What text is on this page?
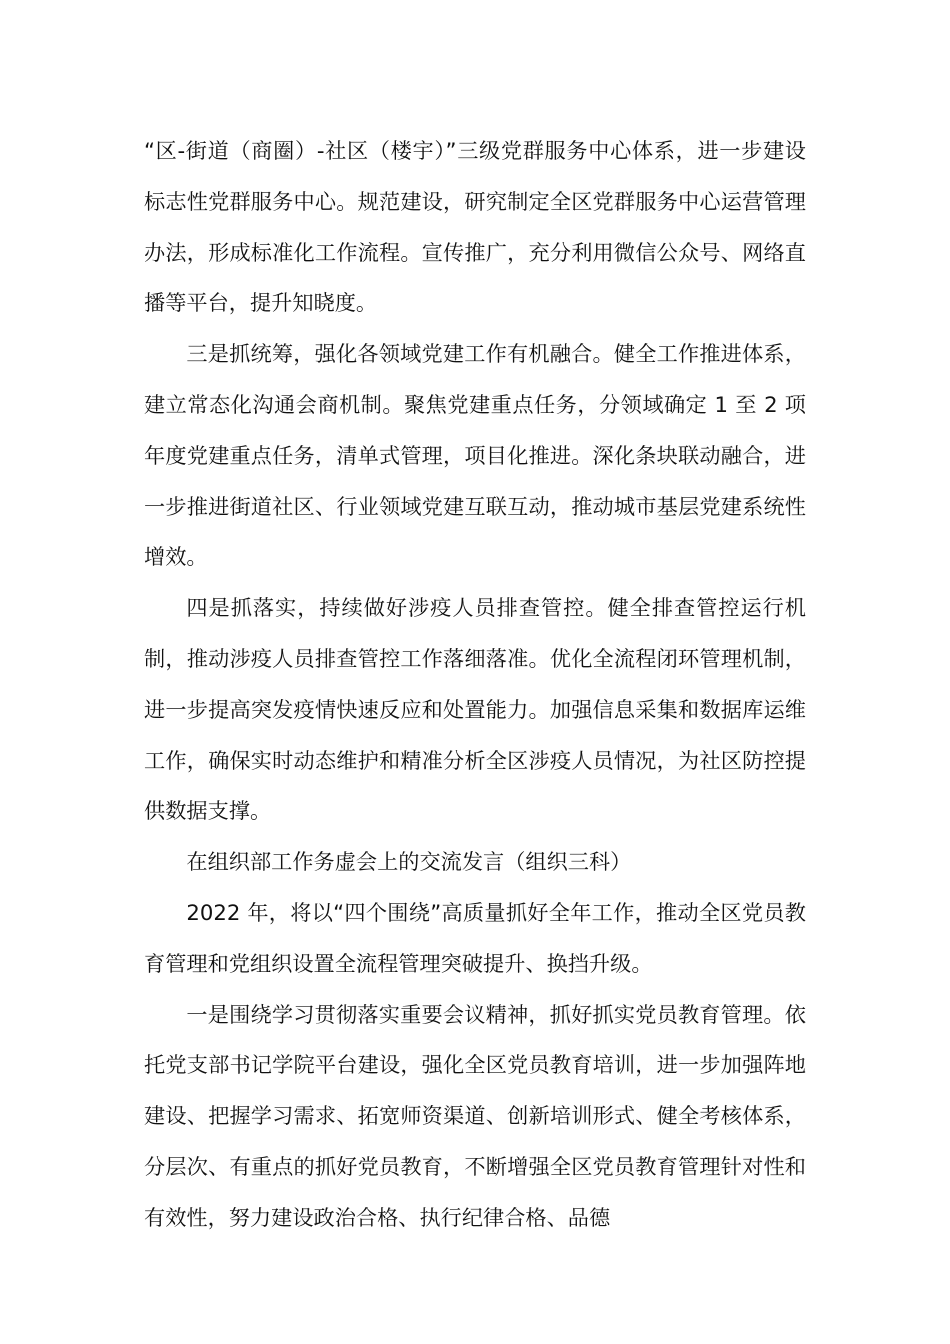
“区-街道（商圈）-社区（楼宇）”三级党群服务中心体系，进一步建设标志性党群服务中心。规范建设，研究制定全区党群服务中心运营管理办法，形成标准化工作流程。宣传推广，充分利用微信公众号、网络直播等平台，提升知晓度。

三是抓统筹，强化各领域党建工作有机融合。健全工作推进体系，建立常态化沟通会商机制。聚焦党建重点任务，分领域确定 1 至 2 项年度党建重点任务，清单式管理，项目化推进。深化条块联动融合，进一步推进街道社区、行业领域党建互联互动，推动城市基层党建系统性增效。

四是抓落实，持续做好涉疫人员排查管控。健全排查管控运行机制，推动涉疫人员排查管控工作落细落准。优化全流程闭环管理机制，进一步提高突发疫情快速反应和处置能力。加强信息采集和数据库运维工作，确保实时动态维护和精准分析全区涉疫人员情况，为社区防控提供数据支撑。

在组织部工作务虚会上的交流发言（组织三科）

2022 年，将以“四个围绕”高质量抓好全年工作，推动全区党员教育管理和党组织设置全流程管理突破提升、换挡升级。

一是围绕学习贯彻落实重要会议精神，抓好抓实党员教育管理。依托党支部书记学院平台建设，强化全区党员教育培训，进一步加强阵地建设、把握学习需求、拓宽师资渠道、创新培训形式、健全考核体系，分层次、有重点的抓好党员教育，不断增强全区党员教育管理针对性和有效性，努力建设政治合格、执行纪律合格、品德
